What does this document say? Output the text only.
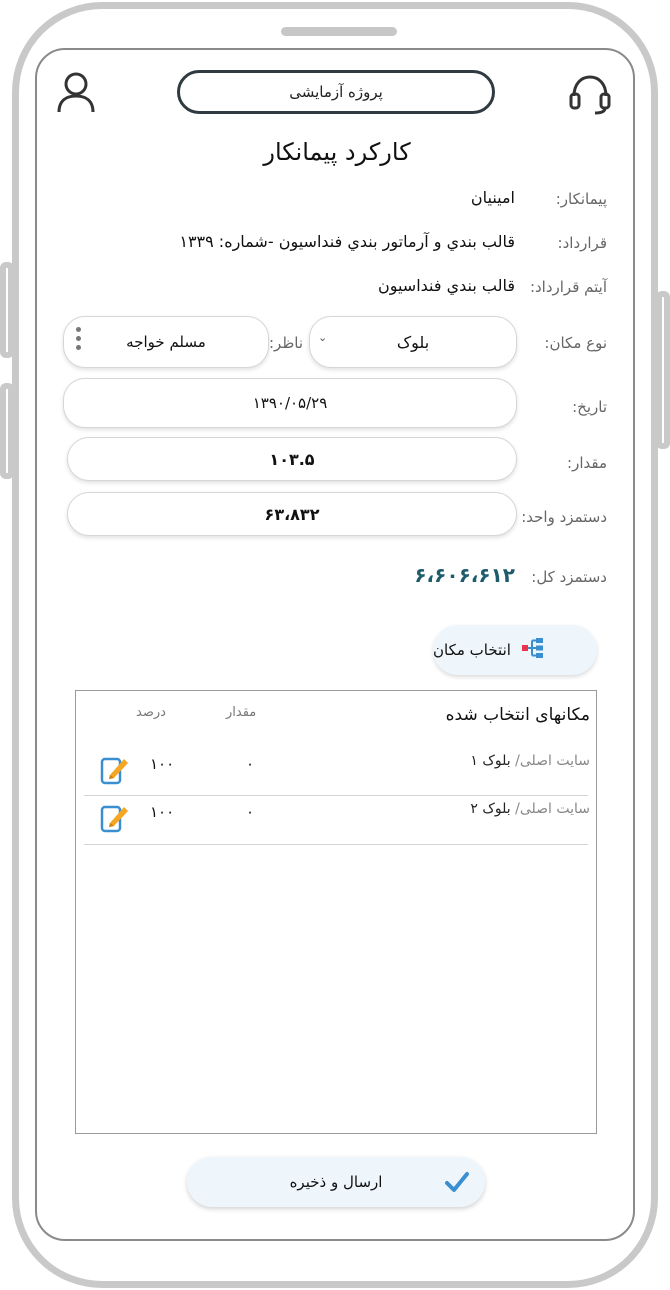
پروژه آزمایشی
کارکرد پیمانکار
پیمانکار:
امینیان
قرارداد:
قالب بندي و آرماتور بندي فنداسيون -شماره: ۱۳۳۹
آیتم قرارداد:
قالب بندي فنداسيون
نوع مکان:
بلوک
⌄
ناظر:
مسلم خواجه
تاریخ:
۱۳۹۰/۰۵/۲۹
مقدار:
۱۰۳.۵
دستمزد واحد:
۶۳،۸۳۲
دستمزد کل:
۶،۶۰۶،۶۱۲
انتخاب مکان
مکانهای انتخاب شده
مقدار
درصد
سایت اصلی/ بلوک ۱
۰
۱۰۰
سایت اصلی/ بلوک ۲
۰
۱۰۰
ارسال و ذخیره
